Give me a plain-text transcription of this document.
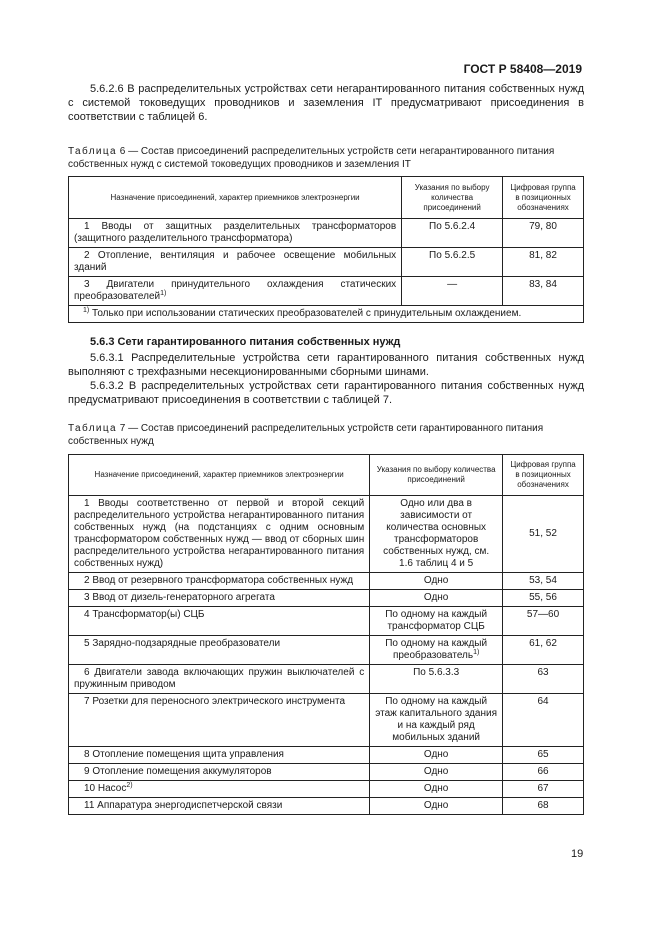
ГОСТ Р 58408—2019

5.6.2.6 В распределительных устройствах сети негарантированного питания собственных нужд с системой токоведущих проводников и заземления IT предусматривают присоединения в соответствии с таблицей 6.

Таблица 6 — Состав присоединений распределительных устройств сети негарантированного питания собственных нужд с системой токоведущих проводников и заземления IT
Назначение присоединений, характер приемников электроэнергии	Указания по выбору количества присоединений	Цифровая группа в позиционных обозначениях
1 Вводы от защитных разделительных трансформаторов (защитного разделительного трансформатора)	По 5.6.2.4	79, 80
2 Отопление, вентиляция и рабочее освещение мобильных зданий	По 5.6.2.5	81, 82
3 Двигатели принудительного охлаждения статических преобразователей$^{1)}$	—	83, 84
$^{1)}$ Только при использовании статических преобразователей с принудительным охлаждением.		
5.6.3 Сети гарантированного питания собственных нужд

5.6.3.1 Распределительные устройства сети гарантированного питания собственных нужд выполняют с трехфазными несекционированными сборными шинами.

5.6.3.2 В распределительных устройствах сети гарантированного питания собственных нужд предусматривают присоединения в соответствии с таблицей 7.

Таблица 7 — Состав присоединений распределительных устройств сети гарантированного питания собственных нужд
Назначение присоединений, характер приемников электроэнергии	Указания по выбору количества присоединений	Цифровая группа в позиционных обозначениях
1 Вводы соответственно от первой и второй секций распределительного устройства негарантированного питания собственных нужд (на подстанциях с одним основным трансформатором собственных нужд — ввод от сборных шин распределительного устройства негарантированного питания собственных нужд)	Одно или два в зависимости от количества основных трансформаторов собственных нужд, см. 1.6 таблиц 4 и 5	51, 52
2 Ввод от резервного трансформатора собственных нужд	Одно	53, 54
3 Ввод от дизель-генераторного агрегата	Одно	55, 56
4 Трансформатор(ы) СЦБ	По одному на каждый трансформатор СЦБ	57—60
5 Зарядно-подзарядные преобразователи	По одному на каждый преобразователь$^{1)}$	61, 62
6 Двигатели завода включающих пружин выключателей с пружинным приводом	По 5.6.3.3	63
7 Розетки для переносного электрического инструмента	По одному на каждый этаж капитального здания и на каждый ряд мобильных зданий	64
8 Отопление помещения щита управления	Одно	65
9 Отопление помещения аккумуляторов	Одно	66
10 Насос$^{2)}$	Одно	67
11 Аппаратура энергодиспетчерской связи	Одно	68
19
